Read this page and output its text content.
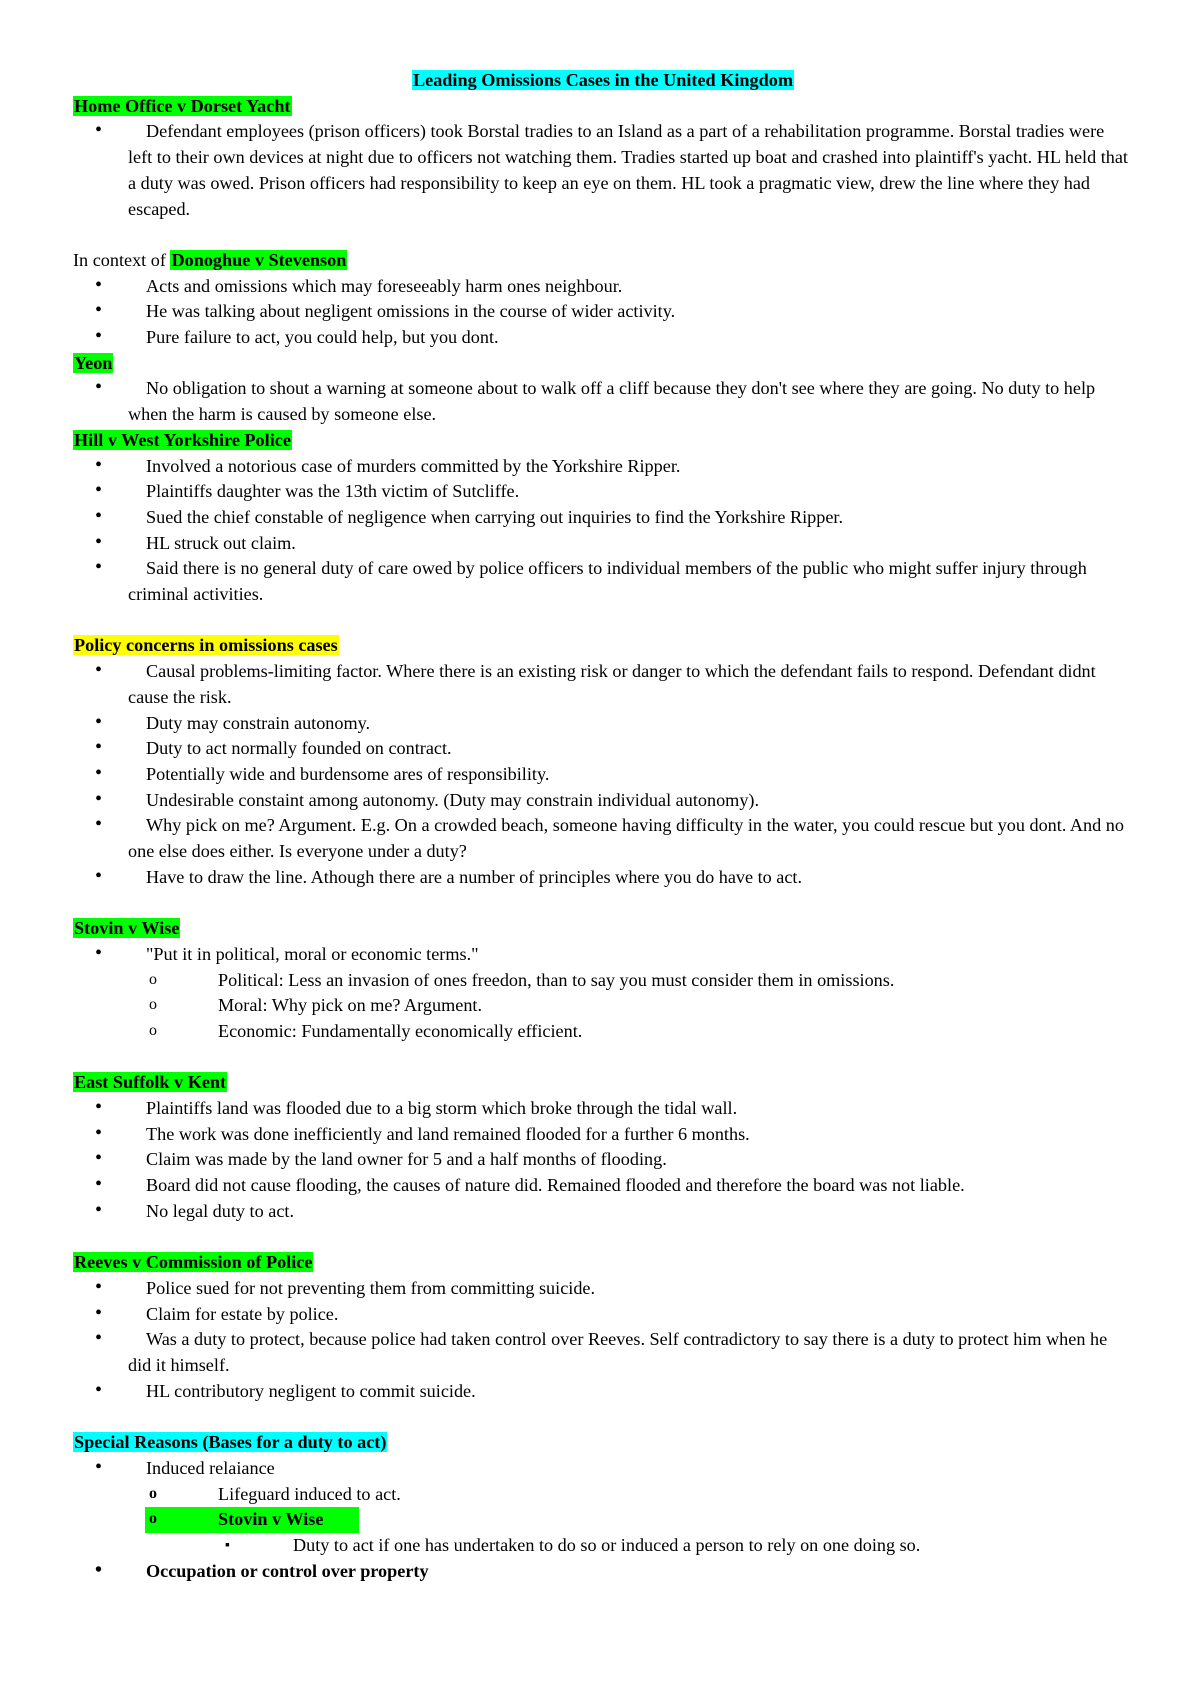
Leading Omissions Cases in the United Kingdom
Home Office v Dorset Yacht
• Defendant employees (prison officers) took Borstal tradies to an Island as a part of a rehabilitation programme. Borstal tradies were left to their own devices at night due to officers not watching them. Tradies started up boat and crashed into plaintiff's yacht. HL held that a duty was owed. Prison officers had responsibility to keep an eye on them. HL took a pragmatic view, drew the line where they had escaped.
In context of Donoghue v Stevenson
• Acts and omissions which may foreseeably harm ones neighbour.
• He was talking about negligent omissions in the course of wider activity.
• Pure failure to act, you could help, but you dont.
Yeon
• No obligation to shout a warning at someone about to walk off a cliff because they don't see where they are going. No duty to help when the harm is caused by someone else.
Hill v West Yorkshire Police
• Involved a notorious case of murders committed by the Yorkshire Ripper.
• Plaintiffs daughter was the 13th victim of Sutcliffe.
• Sued the chief constable of negligence when carrying out inquiries to find the Yorkshire Ripper.
• HL struck out claim.
• Said there is no general duty of care owed by police officers to individual members of the public who might suffer injury through criminal activities.
Policy concerns in omissions cases
• Causal problems-limiting factor. Where there is an existing risk or danger to which the defendant fails to respond. Defendant didnt cause the risk.
• Duty may constrain autonomy.
• Duty to act normally founded on contract.
• Potentially wide and burdensome ares of responsibility.
• Undesirable constaint among autonomy. (Duty may constrain individual autonomy).
• Why pick on me? Argument. E.g. On a crowded beach, someone having difficulty in the water, you could rescue but you dont. And no one else does either. Is everyone under a duty?
• Have to draw the line. Athough there are a number of principles where you do have to act.
Stovin v Wise
• "Put it in political, moral or economic terms."
o	Political: Less an invasion of ones freedon, than to say you must consider them in omissions.
o	Moral: Why pick on me? Argument.
o	Economic: Fundamentally economically efficient.
East Suffolk v Kent
• Plaintiffs land was flooded due to a big storm which broke through the tidal wall.
• The work was done inefficiently and land remained flooded for a further 6 months.
• Claim was made by the land owner for 5 and a half months of flooding.
• Board did not cause flooding, the causes of nature did. Remained flooded and therefore the board was not liable.
• No legal duty to act.
Reeves v Commission of Police
• Police sued for not preventing them from committing suicide.
• Claim for estate by police.
• Was a duty to protect, because police had taken control over Reeves. Self contradictory to say there is a duty to protect him when he did it himself.
• HL contributory negligent to commit suicide.
Special Reasons (Bases for a duty to act)
• Induced relaiance
o	Lifeguard induced to act.
o	Stovin v Wise
▪	Duty to act if one has undertaken to do so or induced a person to rely on one doing so.
• Occupation or control over property
